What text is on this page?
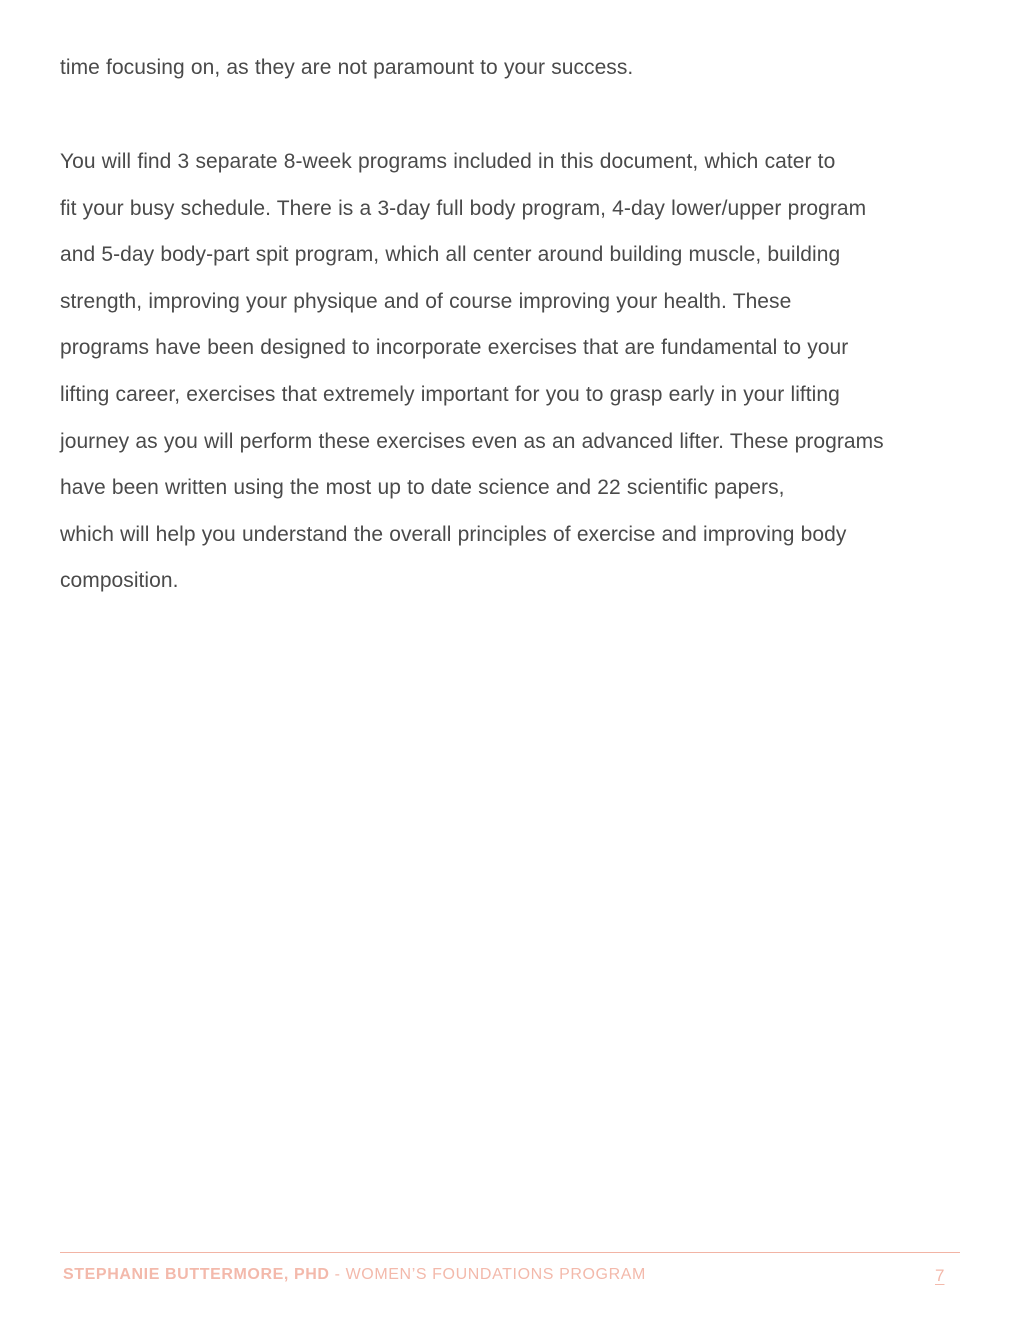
time focusing on, as they are not paramount to your success.

You will find 3 separate 8-week programs included in this document, which cater to
fit your busy schedule. There is a 3-day full body program, 4-day lower/upper program
and 5-day body-part spit program, which all center around building muscle, building
strength, improving your physique and of course improving your health. These
programs have been designed to incorporate exercises that are fundamental to your
lifting career, exercises that extremely important for you to grasp early in your lifting
journey as you will perform these exercises even as an advanced lifter. These programs
have been written using the most up to date science and 22 scientific papers,
which will help you understand the overall principles of exercise and improving body
composition.

STEPHANIE BUTTERMORE, PHD - WOMEN’S FOUNDATIONS PROGRAM	7
